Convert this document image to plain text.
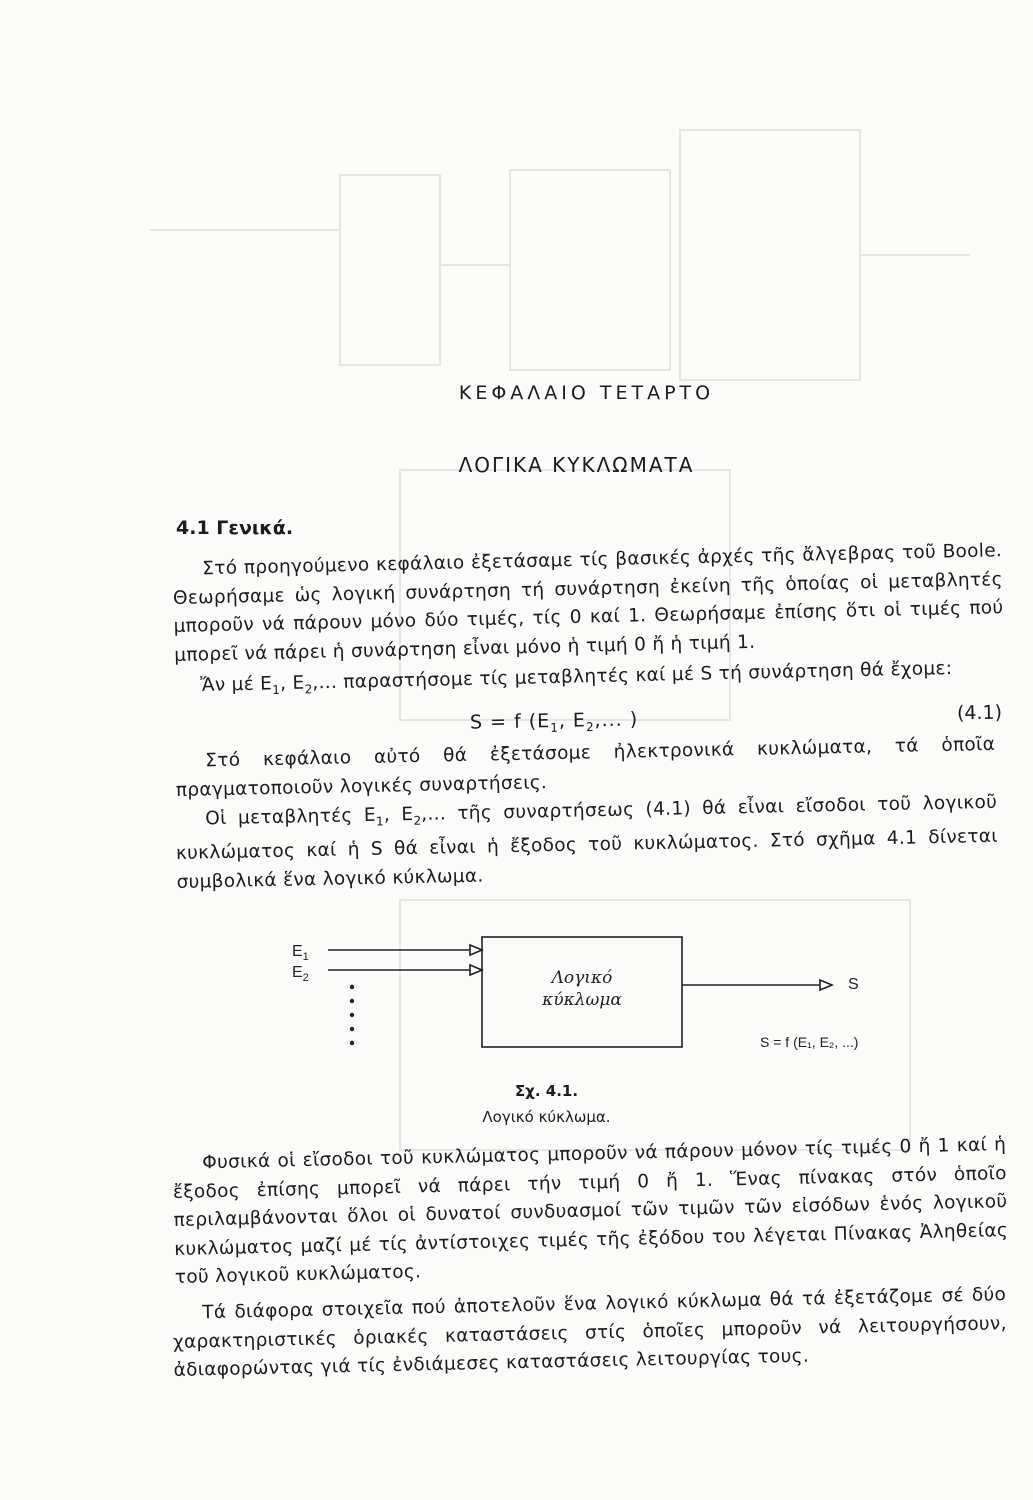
ΚΕΦΑΛΑΙΟ ΤΕΤΑΡΤΟ
ΛΟΓΙΚΑ ΚΥΚΛΩΜΑΤΑ
4.1 Γενικά.
Στό προηγούμενο κεφάλαιο ἐξετάσαμε τίς βασικές ἀρχές τῆς ἄλγεβρας τοῦ Boole. Θεωρήσαμε ὡς λογική συνάρτηση τή συνάρτηση ἐκείνη τῆς ὁποίας οἱ μεταβλητές μποροῦν νά πάρουν μόνο δύο τιμές, τίς 0 καί 1. Θεωρήσαμε ἐπίσης ὅτι οἱ τιμές πού μπορεῖ νά πάρει ἡ συνάρτηση εἶναι μόνο ἡ τιμή 0 ἤ ἡ τιμή 1.
Ἄν μέ $E_1$, $E_2$,... παραστήσομε τίς μεταβλητές καί μέ S τή συνάρτηση θά ἔχομε:
S = f ($E_1$, $E_2$,... )	(4.1)
Στό κεφάλαιο αὐτό θά ἐξετάσομε ἠλεκτρονικά κυκλώματα, τά ὁποῖα πραγματοποιοῦν λογικές συναρτήσεις.
Οἱ μεταβλητές $E_1$, $E_2$,... τῆς συναρτήσεως (4.1) θά εἶναι εἴσοδοι τοῦ λογικοῦ κυκλώματος καί ἡ S θά εἶναι ἡ ἔξοδος τοῦ κυκλώματος. Στό σχῆμα 4.1 δίνεται συμβολικά ἕνα λογικό κύκλωμα.
$E_1$
$E_2$	Λογικό
κύκλωμα
S
S = f (E₁, E₂, ...)
Σχ. 4.1.
Λογικό κύκλωμα.
Φυσικά οἱ εἴσοδοι τοῦ κυκλώματος μποροῦν νά πάρουν μόνον τίς τιμές 0 ἤ 1 καί ἡ ἔξοδος ἐπίσης μπορεῖ νά πάρει τήν τιμή 0 ἤ 1. Ἕνας πίνακας στόν ὁποῖο περιλαμβάνονται ὅλοι οἱ δυνατοί συνδυασμοί τῶν τιμῶν τῶν εἰσόδων ἑνός λογικοῦ κυκλώματος μαζί μέ τίς ἀντίστοιχες τιμές τῆς ἐξόδου του λέγεται Πίνακας Ἀληθείας τοῦ λογικοῦ κυκλώματος.
Τά διάφορα στοιχεῖα πού ἀποτελοῦν ἕνα λογικό κύκλωμα θά τά ἐξετάζομε σέ δύο χαρακτηριστικές ὁριακές καταστάσεις στίς ὁποῖες μποροῦν νά λειτουργήσουν, ἀδιαφορώντας γιά τίς ἐνδιάμεσες καταστάσεις λειτουργίας τους.
